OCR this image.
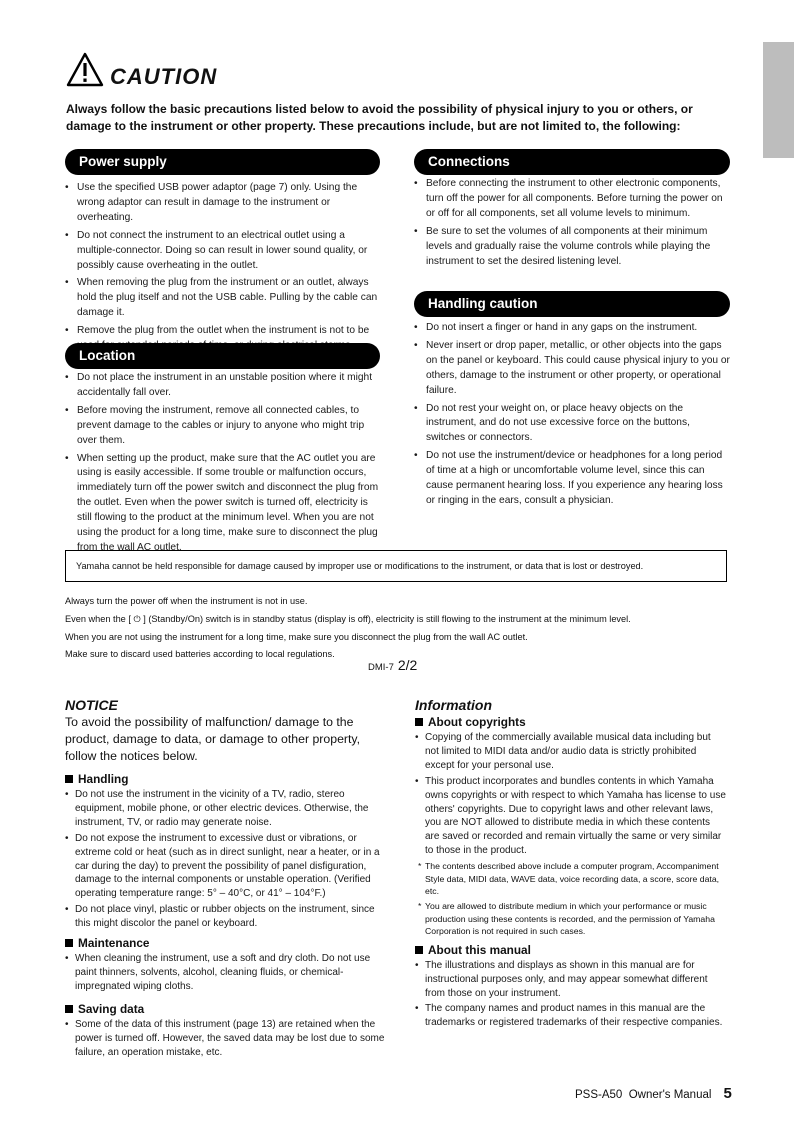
CAUTION
Always follow the basic precautions listed below to avoid the possibility of physical injury to you or others, or damage to the instrument or other property. These precautions include, but are not limited to, the following:
Power supply
• Use the specified USB power adaptor (page 7) only. Using the wrong adaptor can result in damage to the instrument or overheating.
• Do not connect the instrument to an electrical outlet using a multiple-connector. Doing so can result in lower sound quality, or possibly cause overheating in the outlet.
• When removing the plug from the instrument or an outlet, always hold the plug itself and not the USB cable. Pulling by the cable can damage it.
• Remove the plug from the outlet when the instrument is not to be
Location
• Do not place the instrument in an unstable position where it might accidentally fall over.
• Before moving the instrument, remove all connected cables, to prevent damage to the cables or injury to anyone who might trip over them.
• When setting up the product, make sure that the AC outlet you are using is easily accessible. If some trouble or malfunction occurs, immediately turn off the power switch and disconnect the plug from the outlet. Even when the power switch is turned off, electricity is still flowing to the product at the minimum level. When you are not using the product for a long time, make sure to disconnect the plug from the wall AC outlet.
Connections
• Before connecting the instrument to other electronic components, turn off the power for all components. Before turning the power on or off for all components, set all volume levels to minimum.
• Be sure to set the volumes of all components at their minimum levels and gradually raise the volume controls while playing the instrument to set the desired listening level.
Handling caution
• Do not insert a finger or hand in any gaps on the instrument.
• Never insert or drop paper, metallic, or other objects into the gaps on the panel or keyboard. This could cause physical injury to you or others, damage to the instrument or other property, or operational failure.
• Do not rest your weight on, or place heavy objects on the instrument, and do not use excessive force on the buttons, switches or connectors.
• Do not use the instrument/device or headphones for a long period of time at a high or uncomfortable volume level, since this can cause permanent hearing loss. If you experience any hearing loss or ringing in the ears, consult a physician.
Yamaha cannot be held responsible for damage caused by improper use or modifications to the instrument, or data that is lost or destroyed.
Always turn the power off when the instrument is not in use.
Even when the [ ⏻ ] (Standby/On) switch is in standby status (display is off), electricity is still flowing to the instrument at the minimum level.
When you are not using the instrument for a long time, make sure you disconnect the plug from the wall AC outlet.
Make sure to discard used batteries according to local regulations.
DMI-7 2/2
NOTICE
To avoid the possibility of malfunction/ damage to the product, damage to data, or damage to other property, follow the notices below.
Handling
• Do not use the instrument in the vicinity of a TV, radio, stereo equipment, mobile phone, or other electric devices. Otherwise, the instrument, TV, or radio may generate noise.
• Do not expose the instrument to excessive dust or vibrations, or extreme cold or heat (such as in direct sunlight, near a heater, or in a car during the day) to prevent the possibility of panel disfiguration, damage to the internal components or unstable operation. (Verified operating temperature range: 5° – 40°C, or 41° – 104°F.)
• Do not place vinyl, plastic or rubber objects on the instrument, since this might discolor the panel or keyboard.
Maintenance
• When cleaning the instrument, use a soft and dry cloth. Do not use paint thinners, solvents, alcohol, cleaning fluids, or chemical-impregnated wiping cloths.
Saving data
• Some of the data of this instrument (page 13) are retained when the power is turned off. However, the saved data may be lost due to some failure, an operation mistake, etc.
Information
About copyrights
• Copying of the commercially available musical data including but not limited to MIDI data and/or audio data is strictly prohibited except for your personal use.
• This product incorporates and bundles contents in which Yamaha owns copyrights or with respect to which Yamaha has license to use others' copyrights. Due to copyright laws and other relevant laws, you are NOT allowed to distribute media in which these contents are saved or recorded and remain virtually the same or very similar to those in the product.
* The contents described above include a computer program, Accompaniment Style data, MIDI data, WAVE data, voice recording data, a score, score data, etc.
* You are allowed to distribute medium in which your performance or music production using these contents is recorded, and the permission of Yamaha Corporation is not required in such cases.
About this manual
• The illustrations and displays as shown in this manual are for instructional purposes only, and may appear somewhat different from those on your instrument.
• The company names and product names in this manual are the trademarks or registered trademarks of their respective companies.
PSS-A50  Owner's Manual 5
